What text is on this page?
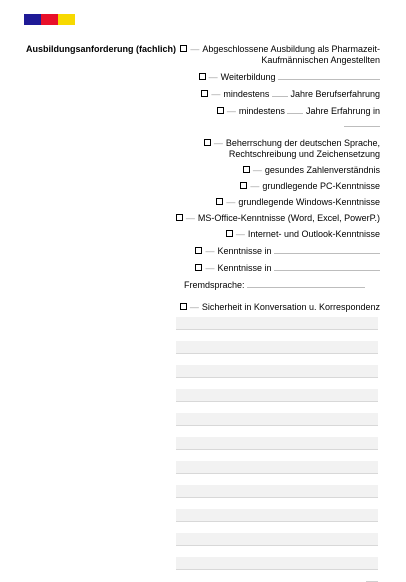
Ausbildungsanforderung (fachlich)	— Abgeschlossene Ausbildung als Pharmazeit-Kaufmännischen Angestellten
— Weiterbildung
— mindestens Jahre Berufserfahrung
— mindestens Jahre Erfahrung in
— Beherrschung der deutschen Sprache, Rechtschreibung und Zeichensetzung
— gesundes Zahlenverständnis
— grundlegende PC-Kenntnisse
— grundlegende Windows-Kenntnisse
— MS-Office-Kenntnisse (Word, Excel, PowerP.)
— Internet- und Outlook-Kenntnisse
— Kenntnisse in
— Kenntnisse in
Fremdsprache:
— Sicherheit in Konversation u. Korrespondenz
